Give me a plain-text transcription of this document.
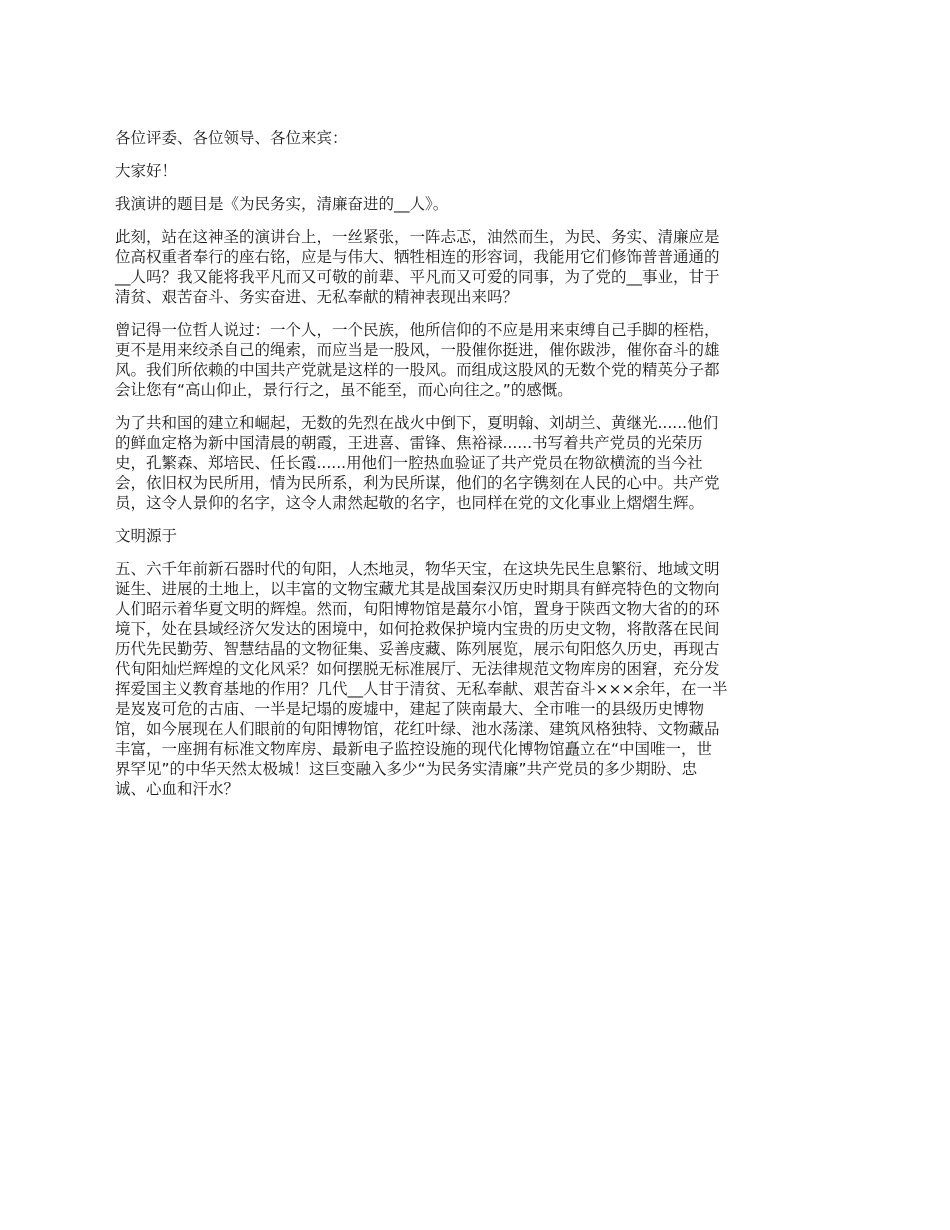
各位评委、各位领导、各位来宾：

大家好！

我演讲的题目是《为民务实，清廉奋进的__人》。

此刻，站在这神圣的演讲台上，一丝紧张，一阵忐忑，油然而生，为民、务实、清廉应是
位高权重者奉行的座右铭，应是与伟大、牺牲相连的形容词，我能用它们修饰普普通通的
__人吗？我又能将我平凡而又可敬的前辈、平凡而又可爱的同事，为了党的__事业，甘于
清贫、艰苦奋斗、务实奋进、无私奉献的精神表现出来吗？

曾记得一位哲人说过：一个人，一个民族，他所信仰的不应是用来束缚自己手脚的桎梏，
更不是用来绞杀自己的绳索，而应当是一股风，一股催你挺进，催你跋涉，催你奋斗的雄
风。我们所依赖的中国共产党就是这样的一股风。而组成这股风的无数个党的精英分子都
会让您有“高山仰止，景行行之，虽不能至，而心向往之。”的感慨。

为了共和国的建立和崛起，无数的先烈在战火中倒下，夏明翰、刘胡兰、黄继光......他们
的鲜血定格为新中国清晨的朝霞，王进喜、雷锋、焦裕禄......书写着共产党员的光荣历
史，孔繁森、郑培民、任长霞......用他们一腔热血验证了共产党员在物欲横流的当今社
会，依旧权为民所用，情为民所系，利为民所谋，他们的名字镌刻在人民的心中。共产党
员，这令人景仰的名字，这令人肃然起敬的名字，也同样在党的文化事业上熠熠生辉。

文明源于

五、六千年前新石器时代的旬阳，人杰地灵，物华天宝，在这块先民生息繁衍、地域文明
诞生、进展的土地上，以丰富的文物宝藏尤其是战国秦汉历史时期具有鲜亮特色的文物向
人们昭示着华夏文明的辉煌。然而，旬阳博物馆是蕞尔小馆，置身于陕西文物大省的的环
境下，处在县域经济欠发达的困境中，如何抢救保护境内宝贵的历史文物，将散落在民间
历代先民勤劳、智慧结晶的文物征集、妥善庋藏、陈列展览，展示旬阳悠久历史，再现古
代旬阳灿烂辉煌的文化风采？如何摆脱无标准展厅、无法律规范文物库房的困窘，充分发
挥爱国主义教育基地的作用？几代__人甘于清贫、无私奉献、艰苦奋斗×××余年，在一半
是岌岌可危的古庙、一半是圮塌的废墟中，建起了陕南最大、全市唯一的县级历史博物
馆，如今展现在人们眼前的旬阳博物馆，花红叶绿、池水荡漾、建筑风格独特、文物藏品
丰富，一座拥有标准文物库房、最新电子监控设施的现代化博物馆矗立在“中国唯一，世
界罕见”的中华天然太极城！这巨变融入多少“为民务实清廉”共产党员的多少期盼、忠
诚、心血和汗水？
